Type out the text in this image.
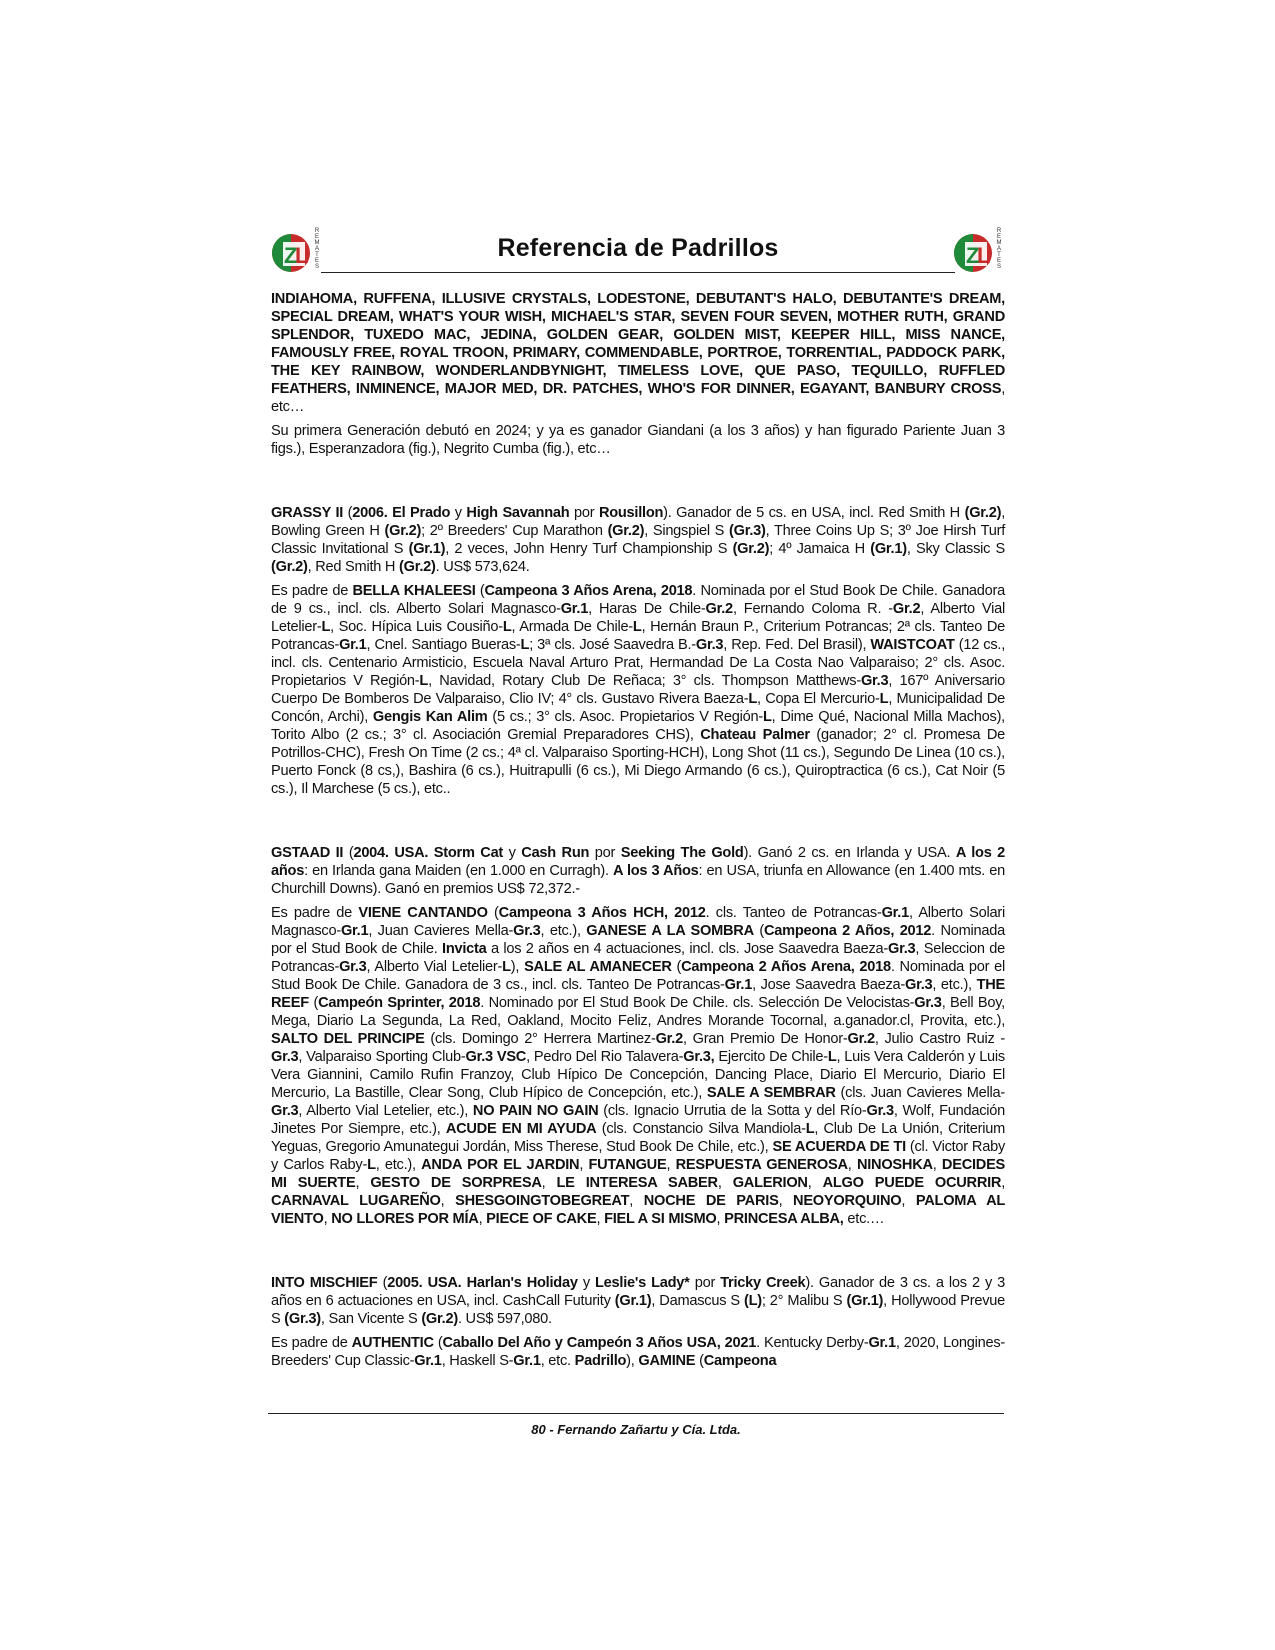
Z
L REMATES	Referencia de Padrillos	Z
L REMATES

INDIAHOMA, RUFFENA, ILLUSIVE CRYSTALS, LODESTONE, DEBUTANT'S HALO, DEBUTANTE'S DREAM, SPECIAL DREAM, WHAT'S YOUR WISH, MICHAEL'S STAR, SEVEN FOUR SEVEN, MOTHER RUTH, GRAND SPLENDOR, TUXEDO MAC, JEDINA, GOLDEN GEAR, GOLDEN MIST, KEEPER HILL, MISS NANCE, FAMOUSLY FREE, ROYAL TROON, PRIMARY, COMMENDABLE, PORTROE, TORRENTIAL, PADDOCK PARK, THE KEY RAINBOW, WONDERLANDBYNIGHT, TIMELESS LOVE, QUE PASO, TEQUILLO, RUFFLED FEATHERS, INMINENCE, MAJOR MED, DR. PATCHES, WHO'S FOR DINNER, EGAYANT, BANBURY CROSS, etc…

Su primera Generación debutó en 2024; y ya es ganador Giandani (a los 3 años) y han figurado Pariente Juan 3 figs.), Esperanzadora (fig.), Negrito Cumba (fig.), etc…

GRASSY II (2006. El Prado y High Savannah por Rousillon). Ganador de 5 cs. en USA, incl. Red Smith H (Gr.2), Bowling Green H (Gr.2); 2º Breeders' Cup Marathon (Gr.2), Singspiel S (Gr.3), Three Coins Up S; 3º Joe Hirsh Turf Classic Invitational S (Gr.1), 2 veces, John Henry Turf Championship S (Gr.2); 4º Jamaica H (Gr.1), Sky Classic S (Gr.2), Red Smith H (Gr.2). US$ 573,624.

Es padre de BELLA KHALEESI (Campeona 3 Años Arena, 2018. Nominada por el Stud Book De Chile. Ganadora de 9 cs., incl. cls. Alberto Solari Magnasco-Gr.1, Haras De Chile-Gr.2, Fernando Coloma R. -Gr.2, Alberto Vial Letelier-L, Soc. Hípica Luis Cousiño-L, Armada De Chile-L, Hernán Braun P., Criterium Potrancas; 2ª cls. Tanteo De Potrancas-Gr.1, Cnel. Santiago Bueras-L; 3ª cls. José Saavedra B.-Gr.3, Rep. Fed. Del Brasil), WAISTCOAT (12 cs., incl. cls. Centenario Armisticio, Escuela Naval Arturo Prat, Hermandad De La Costa Nao Valparaiso; 2° cls. Asoc. Propietarios V Región-L, Navidad, Rotary Club De Reñaca; 3° cls. Thompson Matthews-Gr.3, 167º Aniversario Cuerpo De Bomberos De Valparaiso, Clio IV; 4° cls. Gustavo Rivera Baeza-L, Copa El Mercurio-L, Municipalidad De Concón, Archi), Gengis Kan Alim (5 cs.; 3° cls. Asoc. Propietarios V Región-L, Dime Qué, Nacional Milla Machos), Torito Albo (2 cs.; 3° cl. Asociación Gremial Preparadores CHS), Chateau Palmer (ganador; 2° cl. Promesa De Potrillos-CHC), Fresh On Time (2 cs.; 4ª cl. Valparaiso Sporting-HCH), Long Shot (11 cs.), Segundo De Linea (10 cs.), Puerto Fonck (8 cs,), Bashira (6 cs.), Huitrapulli (6 cs.), Mi Diego Armando (6 cs.), Quiroptractica (6 cs.), Cat Noir (5 cs.), Il Marchese (5 cs.), etc..

GSTAAD II (2004. USA. Storm Cat y Cash Run por Seeking The Gold). Ganó 2 cs. en Irlanda y USA. A los 2 años: en Irlanda gana Maiden (en 1.000 en Curragh). A los 3 Años: en USA, triunfa en Allowance (en 1.400 mts. en Churchill Downs). Ganó en premios US$ 72,372.-

Es padre de VIENE CANTANDO (Campeona 3 Años HCH, 2012. cls. Tanteo de Potrancas-Gr.1, Alberto Solari Magnasco-Gr.1, Juan Cavieres Mella-Gr.3, etc.), GANESE A LA SOMBRA (Campeona 2 Años, 2012. Nominada por el Stud Book de Chile. Invicta a los 2 años en 4 actuaciones, incl. cls. Jose Saavedra Baeza-Gr.3, Seleccion de Potrancas-Gr.3, Alberto Vial Letelier-L), SALE AL AMANECER (Campeona 2 Años Arena, 2018. Nominada por el Stud Book De Chile. Ganadora de 3 cs., incl. cls. Tanteo De Potrancas-Gr.1, Jose Saavedra Baeza-Gr.3, etc.), THE REEF (Campeón Sprinter, 2018. Nominado por El Stud Book De Chile. cls. Selección De Velocistas-Gr.3, Bell Boy, Mega, Diario La Segunda, La Red, Oakland, Mocito Feliz, Andres Morande Tocornal, a.ganador.cl, Provita, etc.), SALTO DEL PRINCIPE (cls. Domingo 2° Herrera Martinez-Gr.2, Gran Premio De Honor-Gr.2, Julio Castro Ruiz -Gr.3, Valparaiso Sporting Club-Gr.3 VSC, Pedro Del Rio Talavera-Gr.3, Ejercito De Chile-L, Luis Vera Calderón y Luis Vera Giannini, Camilo Rufin Franzoy, Club Hípico De Concepción, Dancing Place, Diario El Mercurio, Diario El Mercurio, La Bastille, Clear Song, Club Hípico de Concepción, etc.), SALE A SEMBRAR (cls. Juan Cavieres Mella-Gr.3, Alberto Vial Letelier, etc.), NO PAIN NO GAIN (cls. Ignacio Urrutia de la Sotta y del Río-Gr.3, Wolf, Fundación Jinetes Por Siempre, etc.), ACUDE EN MI AYUDA (cls. Constancio Silva Mandiola-L, Club De La Unión, Criterium Yeguas, Gregorio Amunategui Jordán, Miss Therese, Stud Book De Chile, etc.), SE ACUERDA DE TI (cl. Victor Raby y Carlos Raby-L, etc.), ANDA POR EL JARDIN, FUTANGUE, RESPUESTA GENEROSA, NINOSHKA, DECIDES MI SUERTE, GESTO DE SORPRESA, LE INTERESA SABER, GALERION, ALGO PUEDE OCURRIR, CARNAVAL LUGAREÑO, SHESGOINGTOBEGREAT, NOCHE DE PARIS, NEOYORQUINO, PALOMA AL VIENTO, NO LLORES POR MÍA, PIECE OF CAKE, FIEL A SI MISMO, PRINCESA ALBA, etc.…

INTO MISCHIEF (2005. USA. Harlan's Holiday y Leslie's Lady* por Tricky Creek). Ganador de 3 cs. a los 2 y 3 años en 6 actuaciones en USA, incl. CashCall Futurity (Gr.1), Damascus S (L); 2° Malibu S (Gr.1), Hollywood Prevue S (Gr.3), San Vicente S (Gr.2). US$ 597,080.

Es padre de AUTHENTIC (Caballo Del Año y Campeón 3 Años USA, 2021. Kentucky Derby-Gr.1, 2020, Longines-Breeders' Cup Classic-Gr.1, Haskell S-Gr.1, etc. Padrillo), GAMINE (Campeona

80 - Fernando Zañartu y Cía. Ltda.
